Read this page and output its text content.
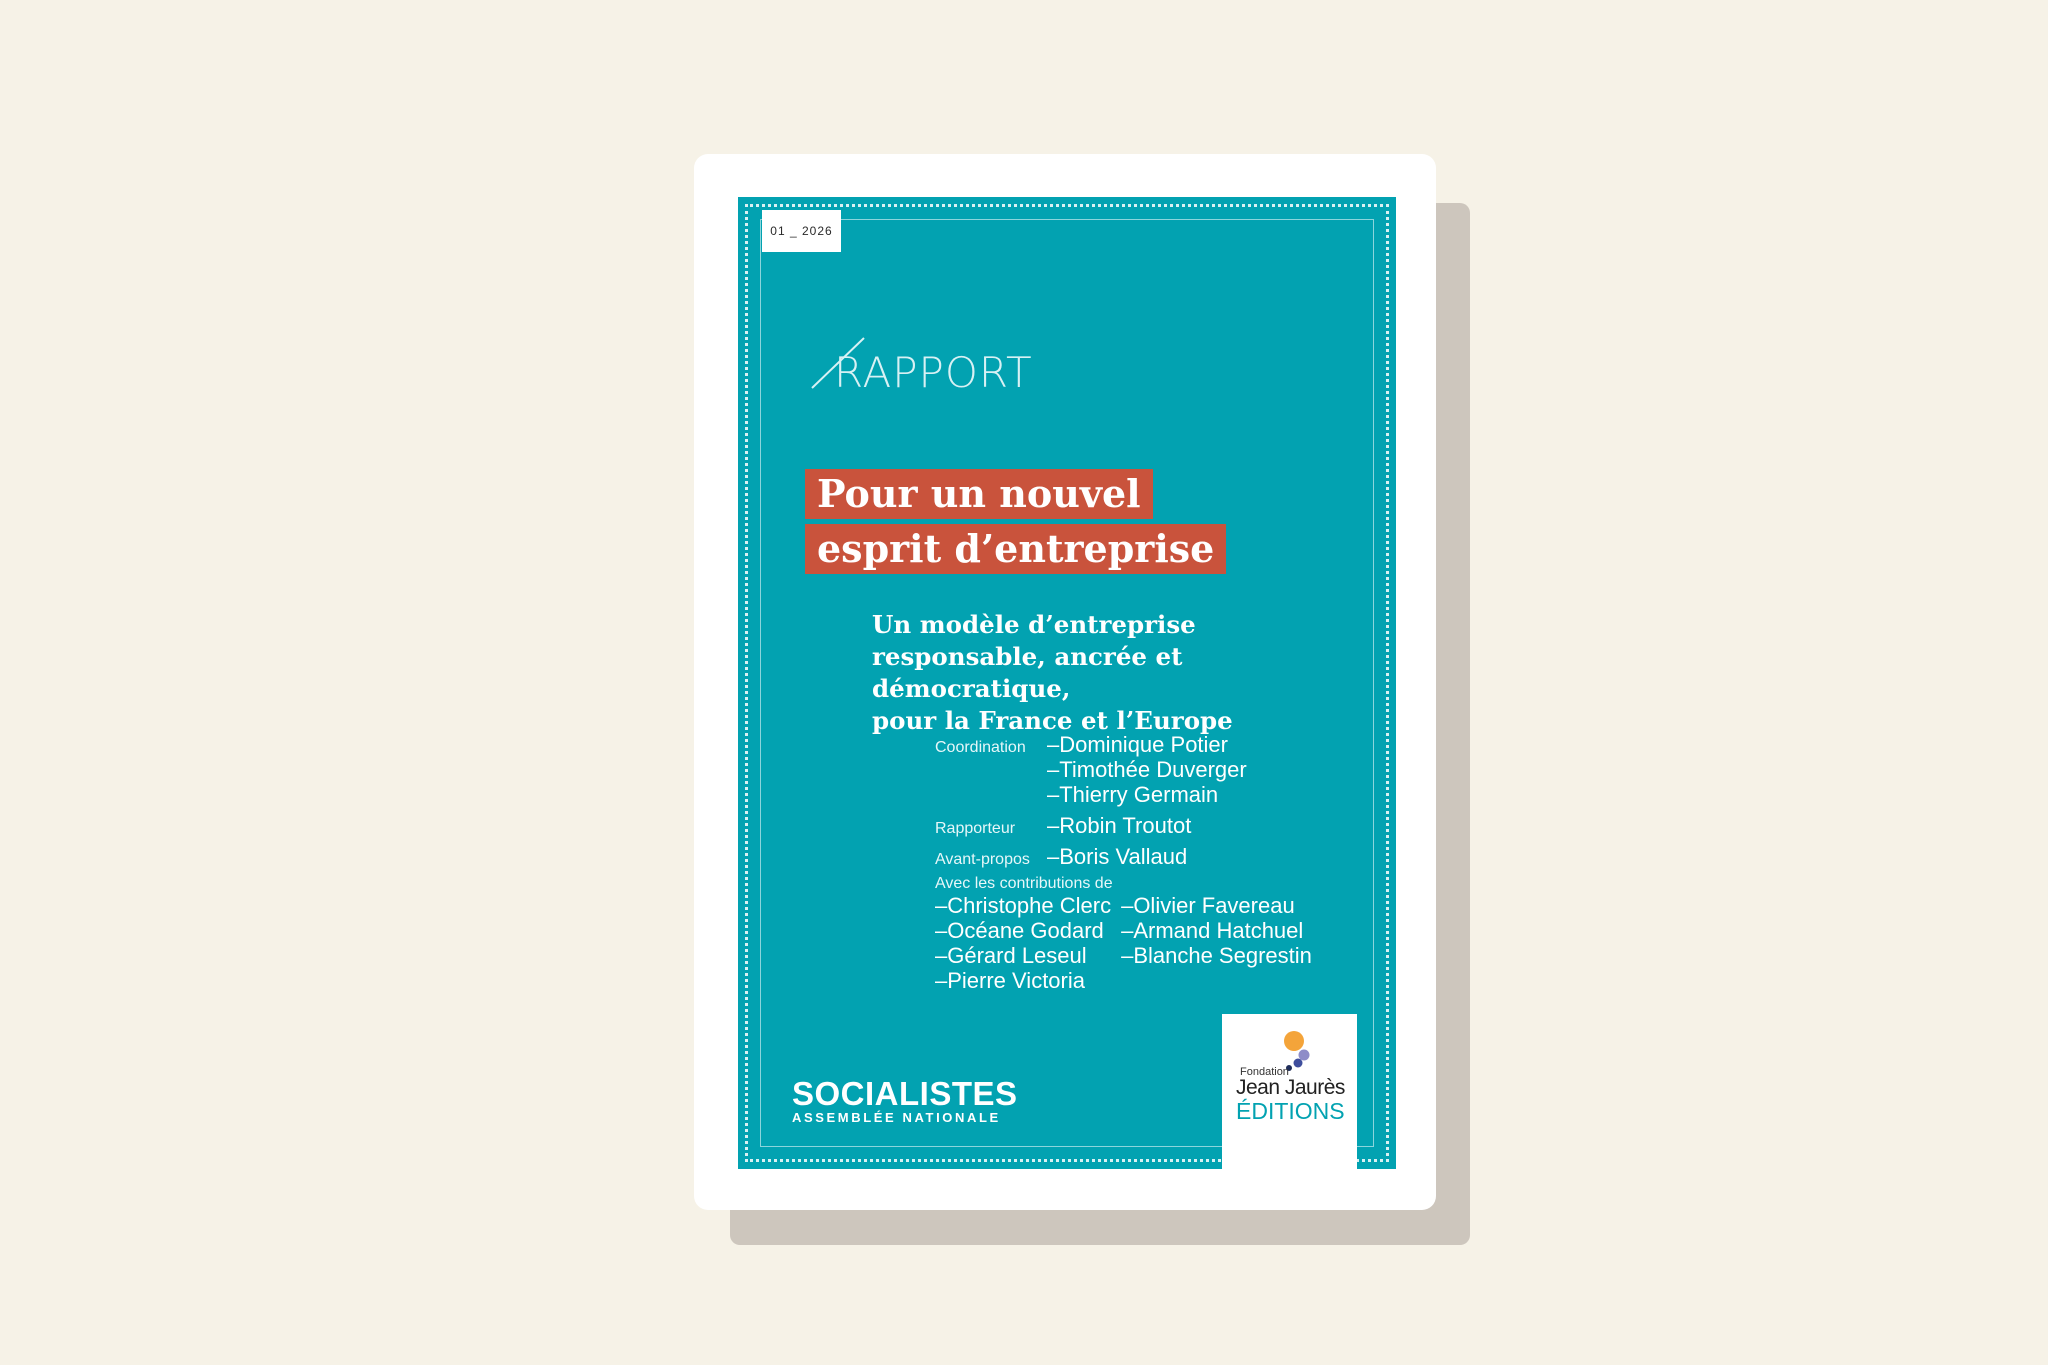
01 _ 2026
RAPPORT
Pour un nouvel
esprit d’entreprise
Un modèle d’entreprise
responsable, ancrée et démocratique,
pour la France et l’Europe
Coordination –Dominique Potier
–Timothée Duverger
–Thierry Germain
Rapporteur	–Robin Troutot
Avant-propos –Boris Vallaud
Avec les contributions de
–Christophe Clerc –Olivier Favereau
–Océane Godard –Armand Hatchuel
–Gérard Leseul	–Blanche Segrestin
–Pierre Victoria
SOCIALISTES
ASSEMBLÉE NATIONALE
Fondation
Jean Jaurès
ÉDITIONS
